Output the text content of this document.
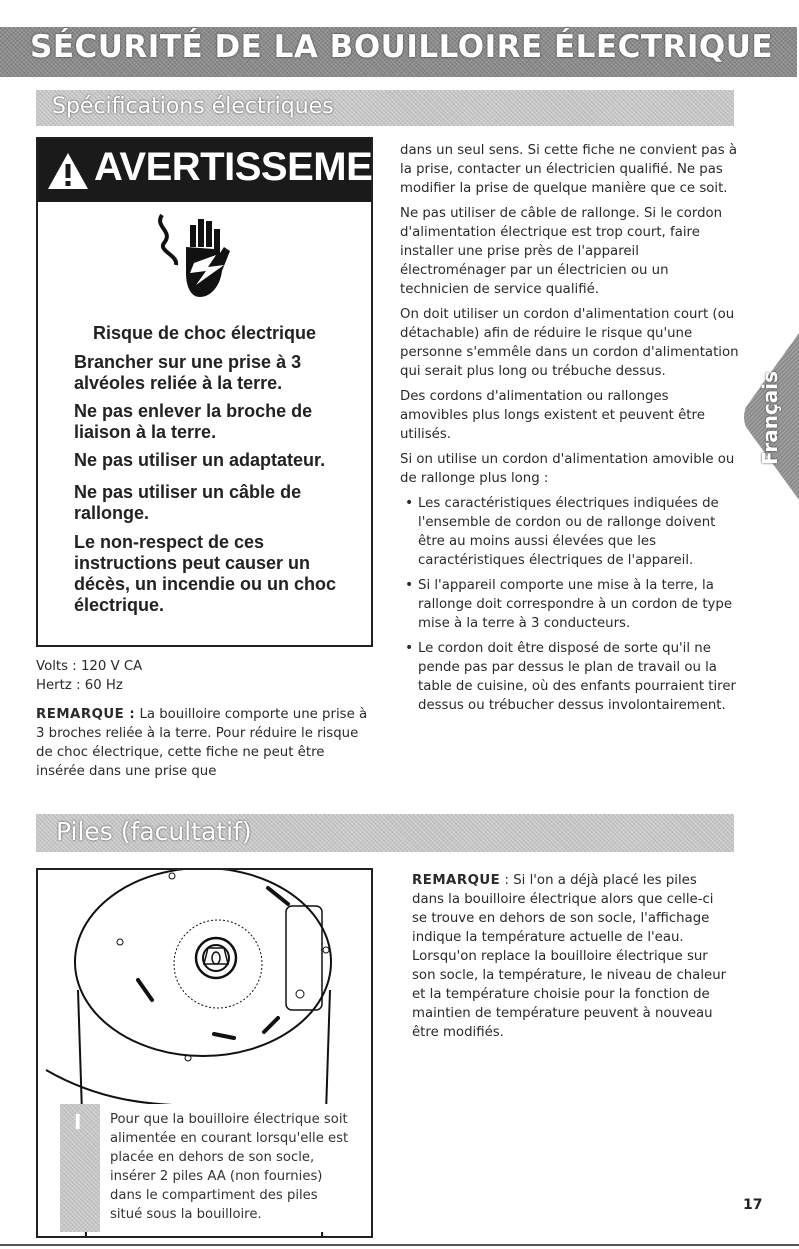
SÉCURITÉ DE LA BOUILLOIRE ÉLECTRIQUE
Spécifications électriques
AVERTISSEMENT
Risque de choc électrique
Brancher sur une prise à 3 alvéoles reliée à la terre.
Ne pas enlever la broche de liaison à la terre.
Ne pas utiliser un adaptateur.
Ne pas utiliser un câble de rallonge.
Le non-respect de ces instructions peut causer un décès, un incendie ou un choc électrique.
Volts : 120 V CA
Hertz : 60 Hz
REMARQUE : La bouilloire comporte une prise à 3 broches reliée à la terre. Pour réduire le risque de choc électrique, cette fiche ne peut être insérée dans une prise que

dans un seul sens. Si cette fiche ne convient pas à la prise, contacter un électricien qualifié. Ne pas modifier la prise de quelque manière que ce soit.

Ne pas utiliser de câble de rallonge. Si le cordon d'alimentation électrique est trop court, faire installer une prise près de l'appareil électroménager par un électricien ou un technicien de service qualifié.

On doit utiliser un cordon d'alimentation court (ou détachable) afin de réduire le risque qu'une personne s'emmêle dans un cordon d'alimentation qui serait plus long ou trébuche dessus.

Des cordons d'alimentation ou rallonges amovibles plus longs existent et peuvent être utilisés.

Si on utilise un cordon d'alimentation amovible ou de rallonge plus long :

• Les caractéristiques électriques indiquées de l'ensemble de cordon ou de rallonge doivent être au moins aussi élevées que les caractéristiques électriques de l'appareil.
• Si l'appareil comporte une mise à la terre, la rallonge doit correspondre à un cordon de type mise à la terre à 3 conducteurs.
• Le cordon doit être disposé de sorte qu'il ne pende pas par dessus le plan de travail ou la table de cuisine, où des enfants pourraient tirer dessus ou trébucher dessus involontairement.
Français
Piles (facultatif)
I Pour que la bouilloire électrique soit alimentée en courant lorsqu'elle est placée en dehors de son socle, insérer 2 piles AA (non fournies) dans le compartiment des piles situé sous la bouilloire.
REMARQUE : Si l'on a déjà placé les piles dans la bouilloire électrique alors que celle-ci se trouve en dehors de son socle, l'affichage indique la température actuelle de l'eau. Lorsqu'on replace la bouilloire électrique sur son socle, la température, le niveau de chaleur et la température choisie pour la fonction de maintien de température peuvent à nouveau être modifiés.
17
